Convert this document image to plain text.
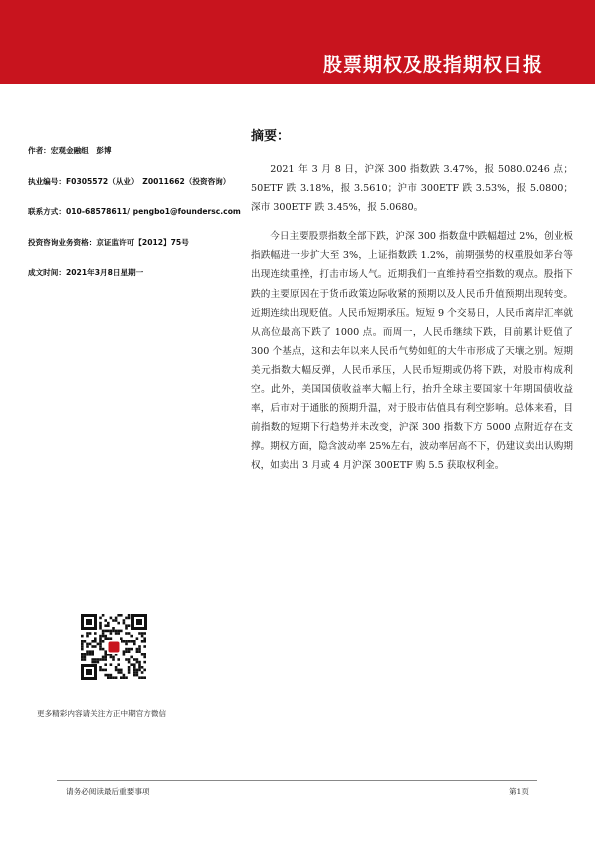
股票期权及股指期权日报
作者：宏观金融组　彭博
执业编号：F0305572（从业）　Z0011662（投资咨询）
联系方式：010-68578611/ pengbo1@foundersc.com
投资咨询业务资格：京证监许可【2012】75号
成文时间：2021年3月8日星期一
摘要：

2021 年 3 月 8 日，沪深 300 指数跌 3.47%，报 5080.0246 点；50ETF 跌 3.18%，报 3.5610；沪市 300ETF 跌 3.53%，报 5.0800；深市 300ETF 跌 3.45%，报 5.0680。

今日主要股票指数全部下跌，沪深 300 指数盘中跌幅超过 2%，创业板指跌幅进一步扩大至 3%，上证指数跌 1.2%，前期强势的权重股如茅台等出现连续重挫，打击市场人气。近期我们一直维持看空指数的观点。股指下跌的主要原因在于货币政策边际收紧的预期以及人民币升值预期出现转变。近期连续出现贬值。人民币短期承压。短短 9 个交易日，人民币离岸汇率就从高位最高下跌了 1000 点。而周一，人民币继续下跌，目前累计贬值了 300 个基点，这和去年以来人民币气势如虹的大牛市形成了天壤之别。短期美元指数大幅反弹，人民币承压，人民币短期或仍将下跌，对股市构成利空。此外，美国国债收益率大幅上行，抬升全球主要国家十年期国债收益率，后市对于通胀的预期升温，对于股市估值具有利空影响。总体来看，目前指数的短期下行趋势并未改变，沪深 300 指数下方 5000 点附近存在支撑。期权方面，隐含波动率 25%左右，波动率居高不下，仍建议卖出认购期权，如卖出 3 月或 4 月沪深 300ETF 购 5.5 获取权利金。

更多精彩内容请关注方正中期官方微信
请务必阅读最后重要事项	第1页
